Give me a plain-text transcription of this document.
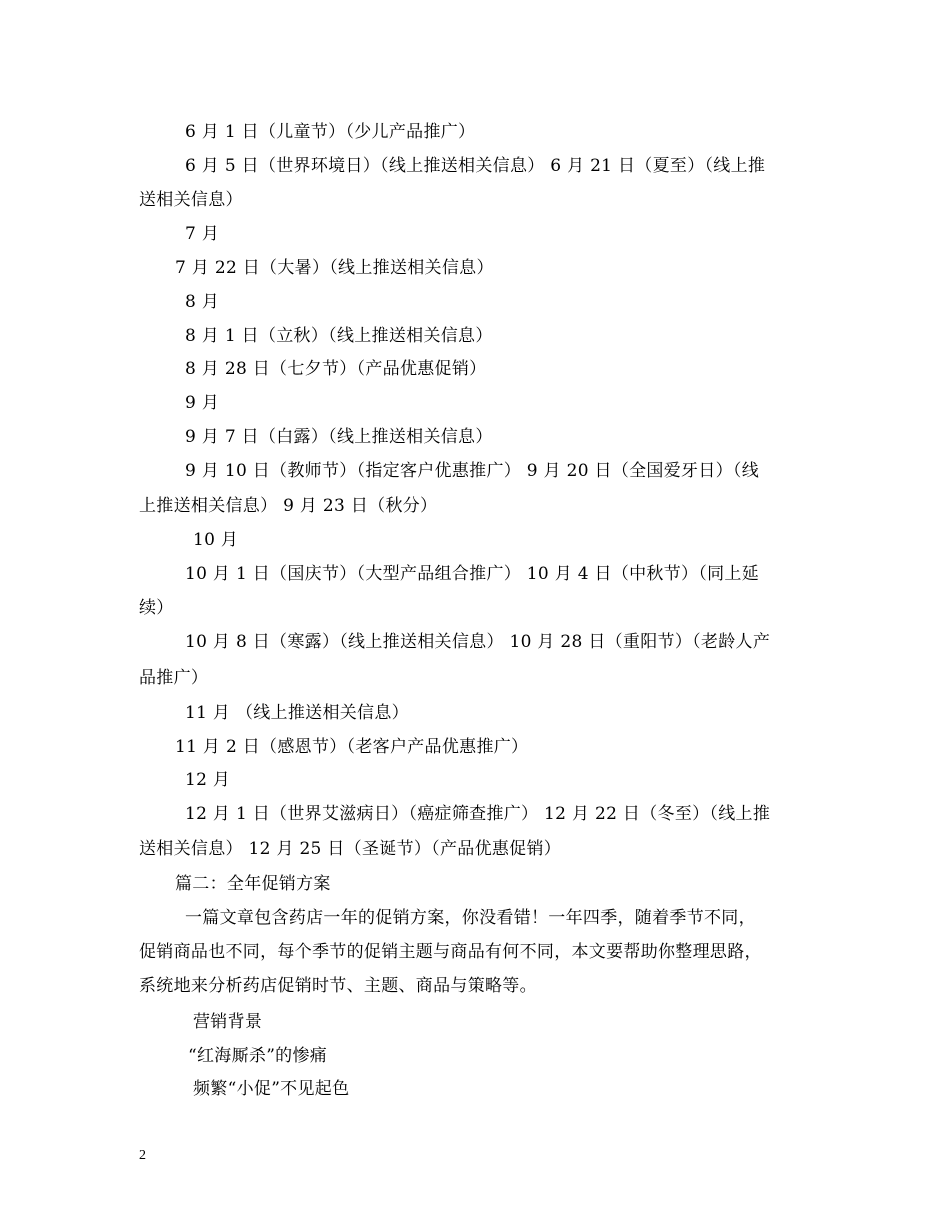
6 月 1 日（儿童节）（少儿产品推广）
6 月 5 日（世界环境日）（线上推送相关信息） 6 月 21 日（夏至）（线上推
送相关信息）
7 月
7 月 22 日（大暑）（线上推送相关信息）
8 月
8 月 1 日（立秋）（线上推送相关信息）
8 月 28 日（七夕节）（产品优惠促销）
9 月
9 月 7 日（白露）（线上推送相关信息）
9 月 10 日（教师节）（指定客户优惠推广） 9 月 20 日（全国爱牙日）（线
上推送相关信息） 9 月 23 日（秋分）
10 月
10 月 1 日（国庆节）（大型产品组合推广） 10 月 4 日（中秋节）（同上延
续）
10 月 8 日（寒露）（线上推送相关信息） 10 月 28 日（重阳节）（老龄人产
品推广）
11 月 （线上推送相关信息）
11 月 2 日（感恩节）（老客户产品优惠推广）
12 月
12 月 1 日（世界艾滋病日）（癌症筛查推广） 12 月 22 日（冬至）（线上推
送相关信息） 12 月 25 日（圣诞节）（产品优惠促销）
篇二：全年促销方案
一篇文章包含药店一年的促销方案，你没看错！一年四季，随着季节不同，
促销商品也不同，每个季节的促销主题与商品有何不同，本文要帮助你整理思路，
系统地来分析药店促销时节、主题、商品与策略等。
营销背景
“红海厮杀”的惨痛
频繁“小促”不见起色
2
